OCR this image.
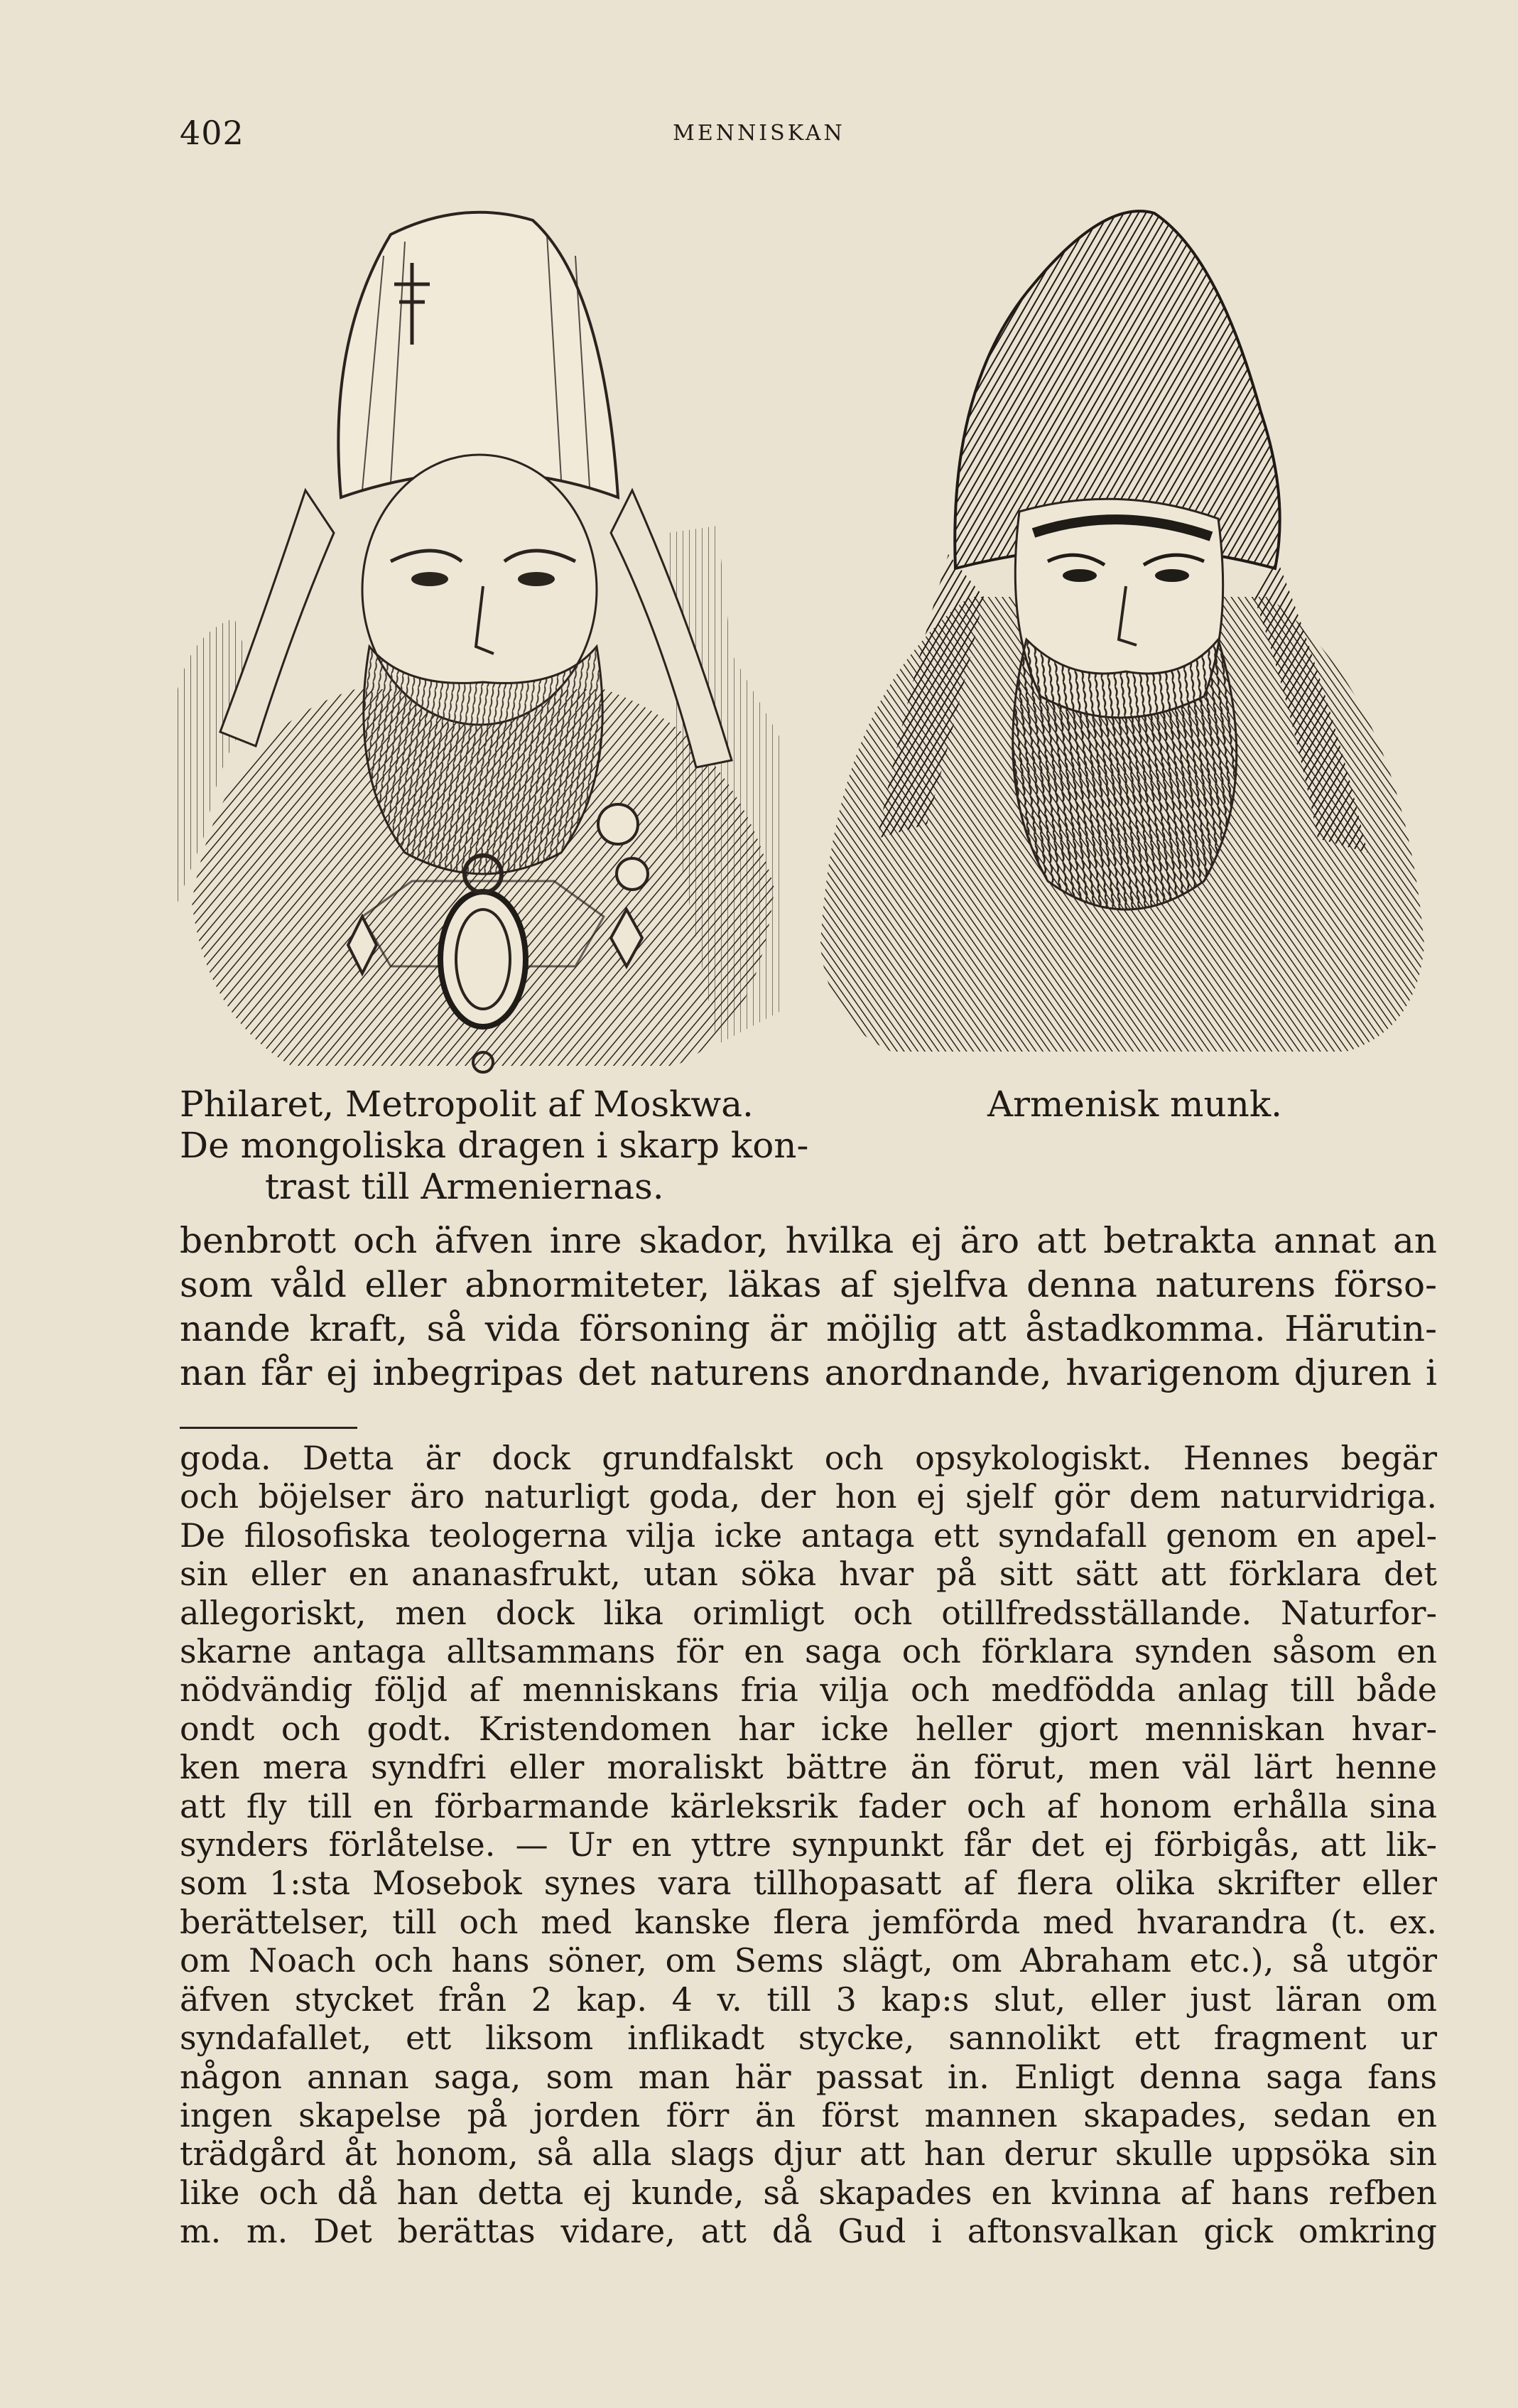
402	MENNISKAN
Philaret, Metropolit af Moskwa.
De mongoliska dragen i skarp kon-
trast till Armeniernas.
Armenisk munk.

benbrott och äfven inre skador, hvilka ej äro att betrakta annat an

som våld eller abnormiteter, läkas af sjelfva denna naturens förso-

nande kraft, så vida försoning är möjlig att åstadkomma. Härutin-

nan får ej inbegripas det naturens anordnande, hvarigenom djuren i

goda. Detta är dock grundfalskt och opsykologiskt. Hennes begär

och böjelser äro naturligt goda, der hon ej sjelf gör dem naturvidriga.

De filosofiska teologerna vilja icke antaga ett syndafall genom en apel-

sin eller en ananasfrukt, utan söka hvar på sitt sätt att förklara det

allegoriskt, men dock lika orimligt och otillfredsställande. Naturfor-

skarne antaga alltsammans för en saga och förklara synden såsom en

nödvändig följd af menniskans fria vilja och medfödda anlag till både

ondt och godt. Kristendomen har icke heller gjort menniskan hvar-

ken mera syndfri eller moraliskt bättre än förut, men väl lärt henne

att fly till en förbarmande kärleksrik fader och af honom erhålla sina

synders förlåtelse. — Ur en yttre synpunkt får det ej förbigås, att lik-

som 1:sta Mosebok synes vara tillhopasatt af flera olika skrifter eller

berättelser, till och med kanske flera jemförda med hvarandra (t. ex.

om Noach och hans söner, om Sems slägt, om Abraham etc.), så utgör

äfven stycket från 2 kap. 4 v. till 3 kap:s slut, eller just läran om

syndafallet, ett liksom inflikadt stycke, sannolikt ett fragment ur

någon annan saga, som man här passat in. Enligt denna saga fans

ingen skapelse på jorden förr än först mannen skapades, sedan en

trädgård åt honom, så alla slags djur att han derur skulle uppsöka sin

like och då han detta ej kunde, så skapades en kvinna af hans refben

m. m. Det berättas vidare, att då Gud i aftonsvalkan gick omkring
